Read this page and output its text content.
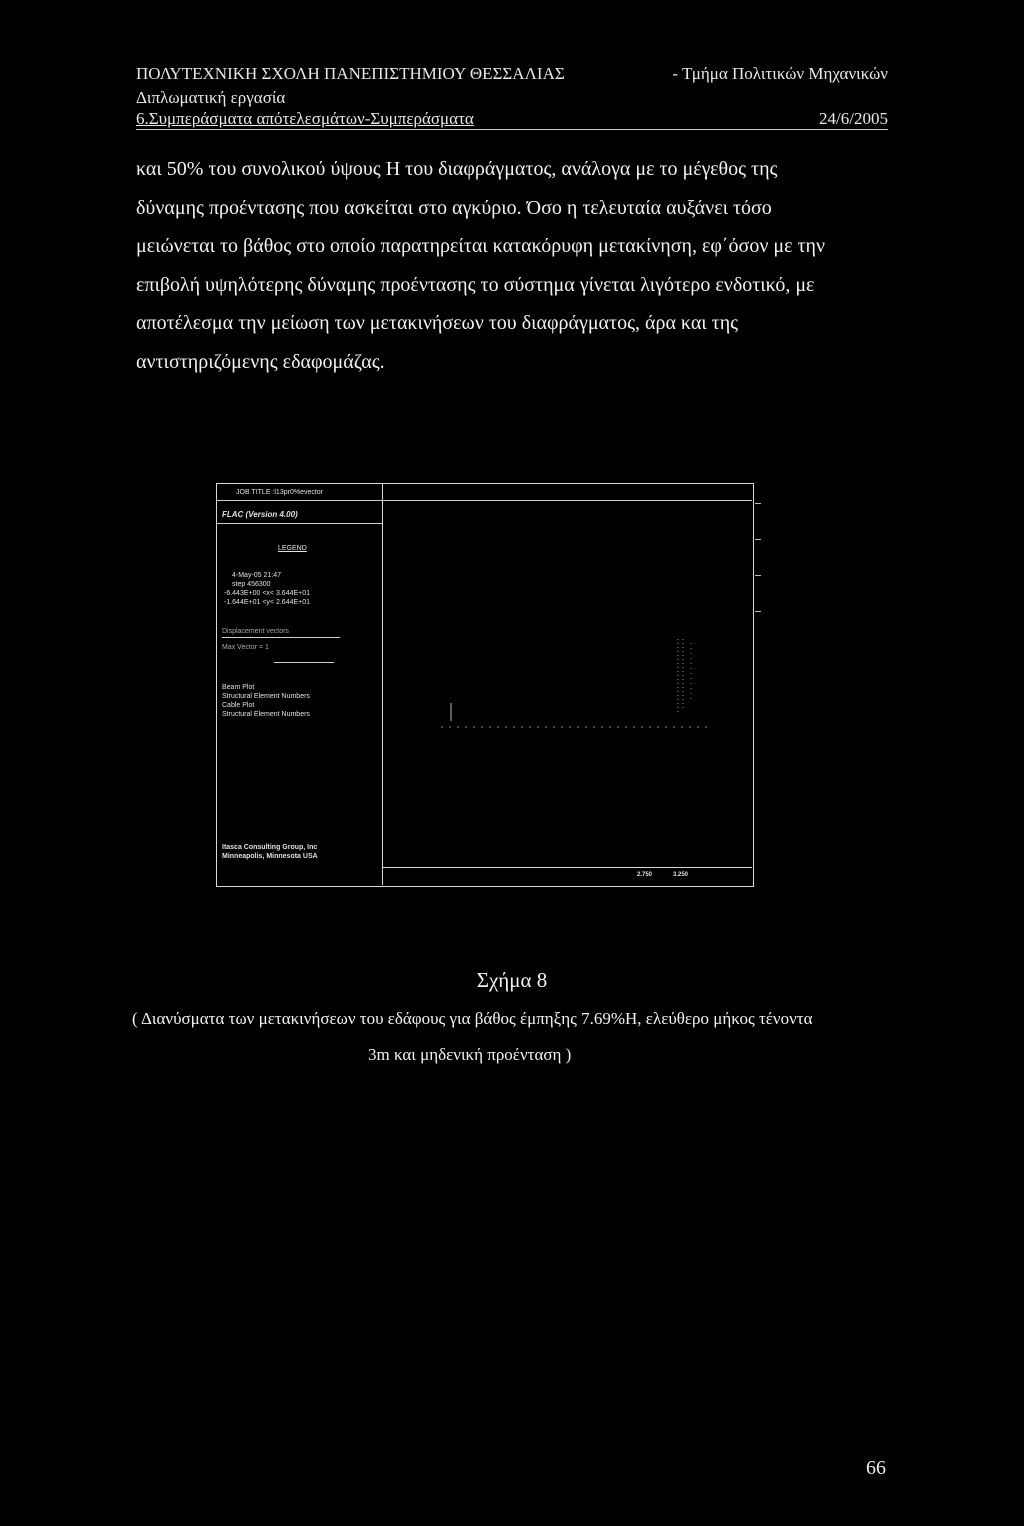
ΠΟΛΥΤΕΧΝΙΚΗ ΣΧΟΛΗ ΠΑΝΕΠΙΣΤΗΜΙΟΥ ΘΕΣΣΑΛΙΑΣ	- Τμήμα Πολιτικών Μηχανικών
Διπλωματική εργασία
6.Συμπεράσματα απότελεσμάτων-Συμπεράσματα	24/6/2005

και 50% του συνολικού ύψους Η του διαφράγματος, ανάλογα με το μέγεθος της

δύναμης προέντασης που ασκείται στο αγκύριο. Όσο η τελευταία αυξάνει τόσο

μειώνεται το βάθος στο οποίο παρατηρείται κατακόρυφη μετακίνηση, εφ΄όσον με την

επιβολή υψηλότερης δύναμης προέντασης το σύστημα γίνεται λιγότερο ενδοτικό, με

αποτέλεσμα την μείωση των μετακινήσεων του διαφράγματος, άρα και της

αντιστηριζόμενης εδαφομάζας.

JOB TITLE :l13pr0%evector
FLAC (Version 4.00)
LEGEND
4-May-05 21:47
step 456300
-6.443E+00 <x< 3.644E+01
-1.644E+01 <y< 2.644E+01
Displacement vectors
Max Vector = 1
Beam Plot
Structural Element Numbers
Cable Plot
Structural Element Numbers
Itasca Consulting Group, Inc
Minneapolis, Minnesota USA
2.750	3.250
Σχήμα 8
( Διανύσματα των μετακινήσεων του εδάφους για βάθος έμπηξης 7.69%Η, ελεύθερο μήκος τένοντα
3m και μηδενική προένταση )
66
